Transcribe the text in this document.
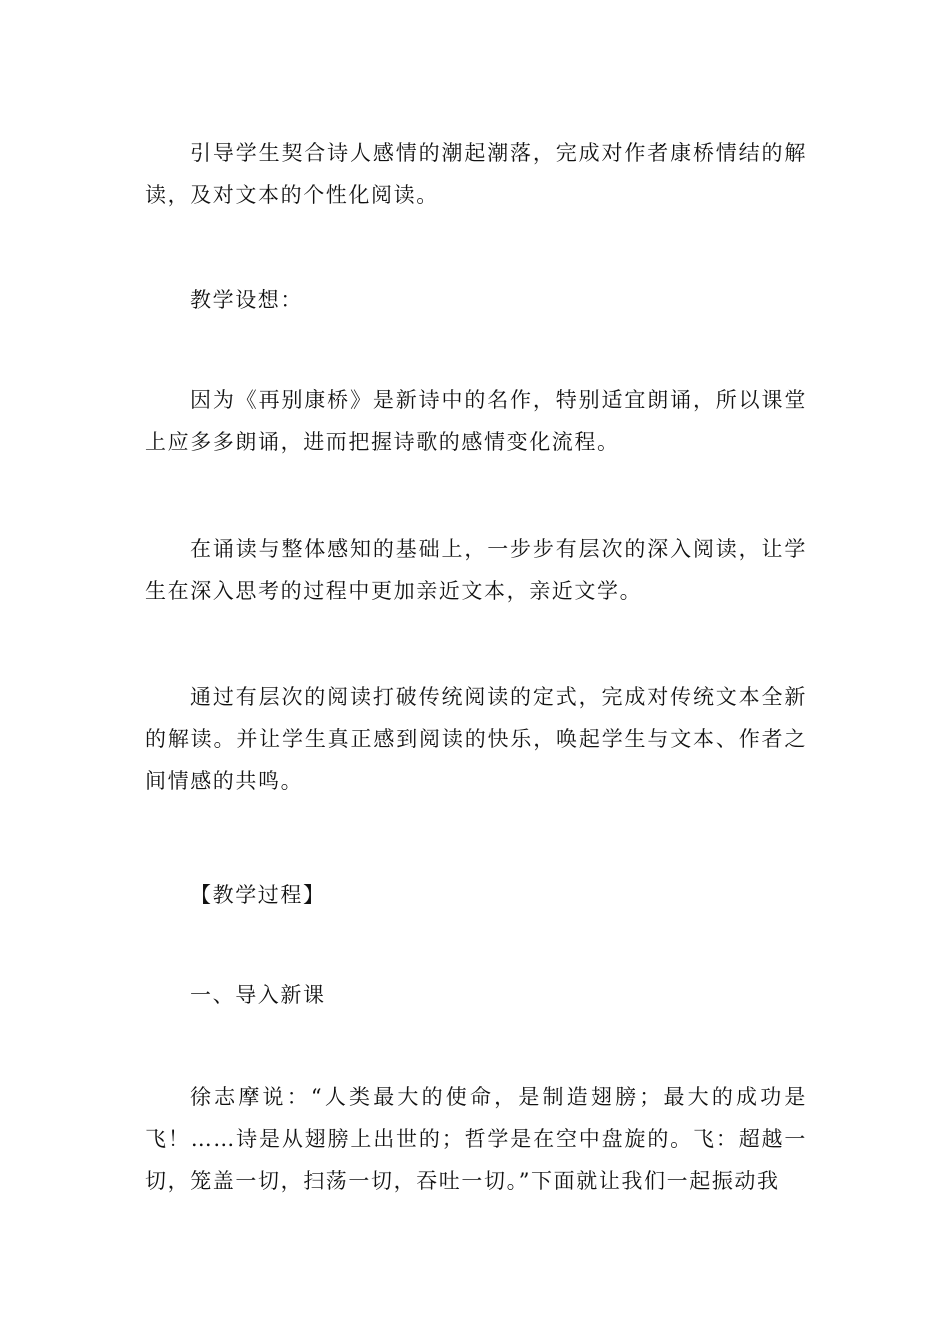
引导学生契合诗人感情的潮起潮落，完成对作者康桥情结的解读，及对文本的个性化阅读。

教学设想：

因为《再别康桥》是新诗中的名作，特别适宜朗诵，所以课堂上应多多朗诵，进而把握诗歌的感情变化流程。

在诵读与整体感知的基础上，一步步有层次的深入阅读，让学生在深入思考的过程中更加亲近文本，亲近文学。

通过有层次的阅读打破传统阅读的定式，完成对传统文本全新的解读。并让学生真正感到阅读的快乐，唤起学生与文本、作者之间情感的共鸣。

【教学过程】

一、导入新课

徐志摩说：“人类最大的使命，是制造翅膀；最大的成功是飞！……诗是从翅膀上出世的；哲学是在空中盘旋的。飞：超越一切，笼盖一切，扫荡一切，吞吐一切。”下面就让我们一起振动我
